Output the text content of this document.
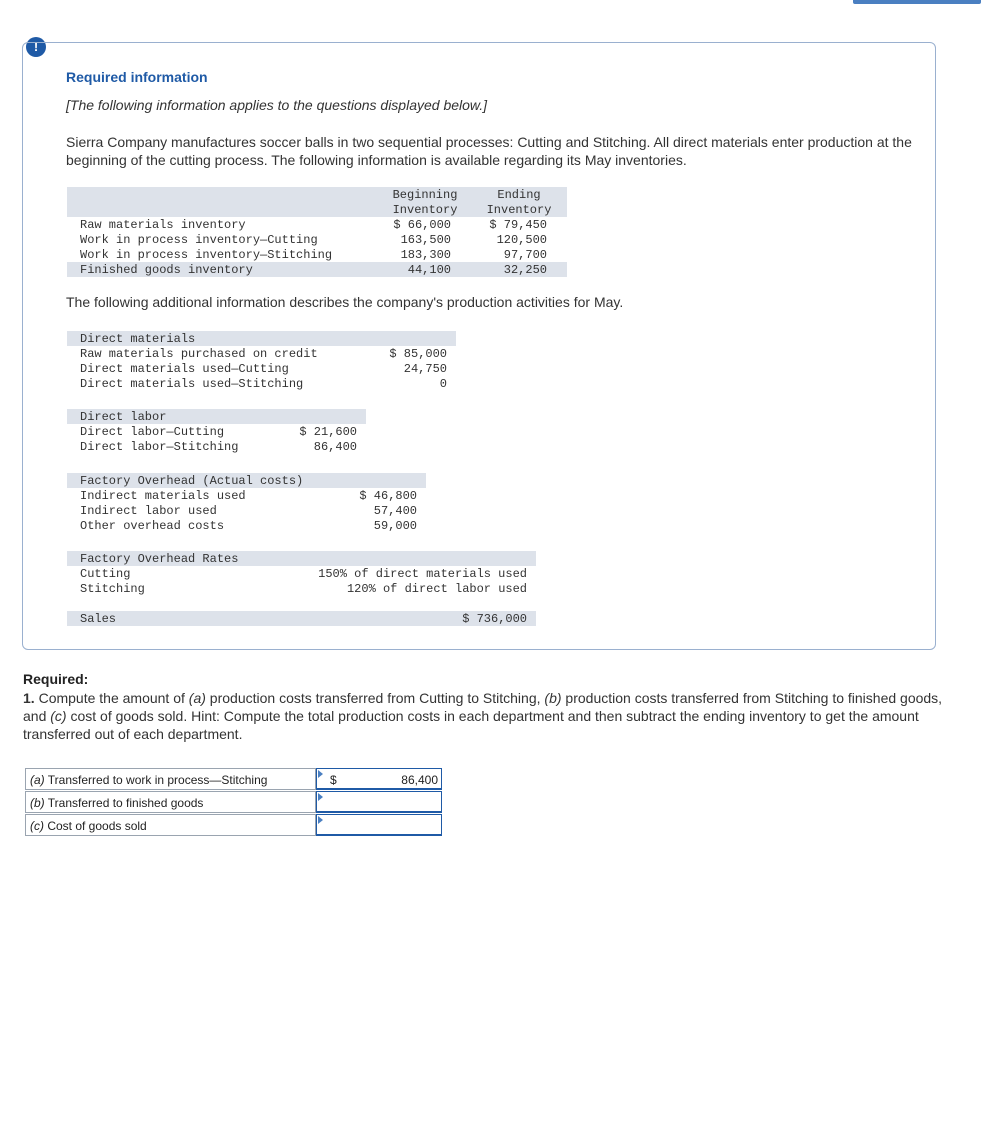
!
Required information
[The following information applies to the questions displayed below.]
Sierra Company manufactures soccer balls in two sequential processes: Cutting and Stitching. All direct materials enter production at the beginning of the cutting process. The following information is available regarding its May inventories.
Beginning
Inventory
Ending
Inventory
Raw materials inventory	$ 66,000	$ 79,450
Work in process inventory—Cutting	163,500	120,500
Work in process inventory—Stitching	183,300	97,700
Finished goods inventory	44,100	32,250
The following additional information describes the company's production activities for May.
Direct materials
Raw materials purchased on credit	$ 85,000
Direct materials used—Cutting	24,750
Direct materials used—Stitching	0
Direct labor
Direct labor—Cutting	$ 21,600
Direct labor—Stitching	86,400
Factory Overhead (Actual costs)
Indirect materials used	$ 46,800
Indirect labor used	57,400
Other overhead costs	59,000
Factory Overhead Rates
Cutting	150% of direct materials used
Stitching	120% of direct labor used
Sales	$ 736,000
Required:
1. Compute the amount of (a) production costs transferred from Cutting to Stitching, (b) production costs transferred from Stitching to finished goods, and (c) cost of goods sold. Hint: Compute the total production costs in each department and then subtract the ending inventory to get the amount transferred out of each department.
(a) Transferred to work in process—Stitching	$	86,400
(b) Transferred to finished goods
(c) Cost of goods sold
